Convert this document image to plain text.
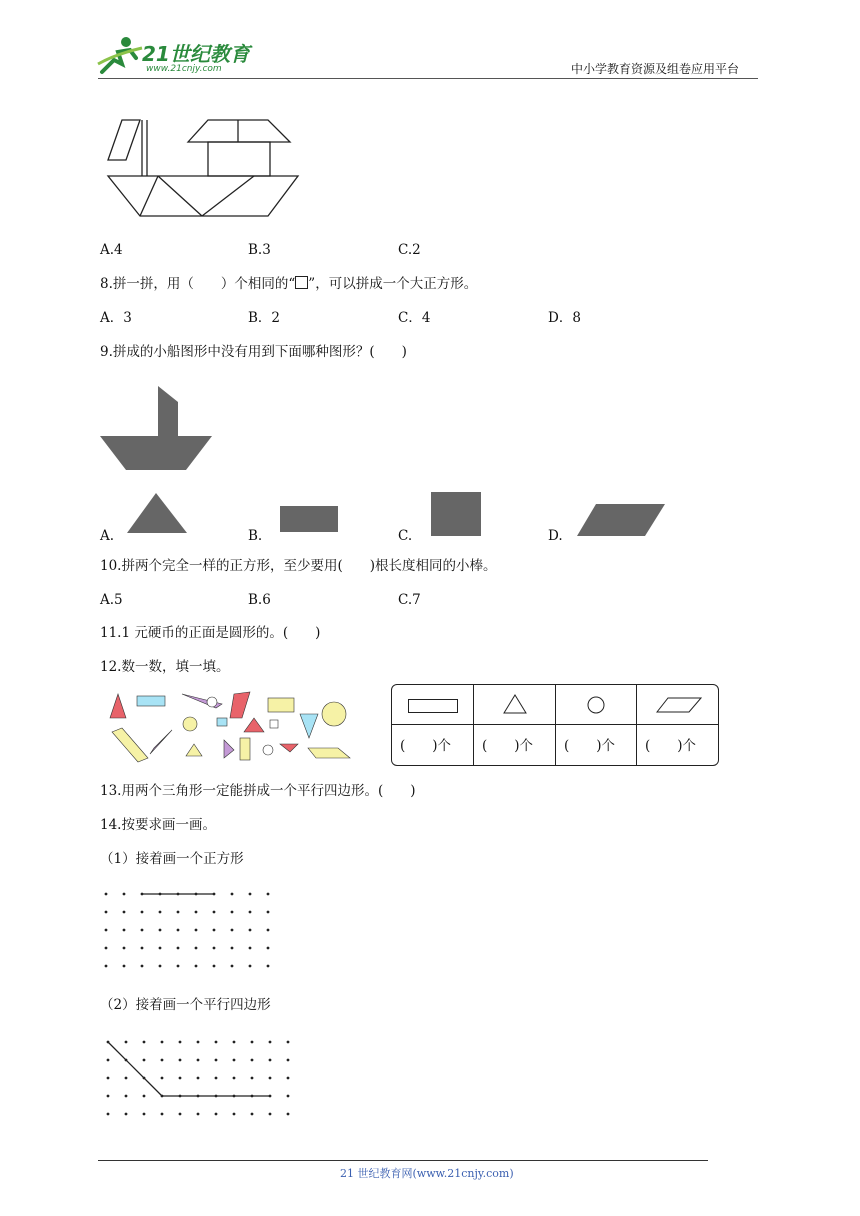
21世纪教育
www.21cnjy.com	中小学教育资源及组卷应用平台
A.4	B.3	C.2
8.拼一拼，用（　　）个相同的“ ”，可以拼成一个大正方形。
A．3	B．2	C．4	D．8
9.拼成的小船图形中没有用到下面哪种图形？(　　)
A.	B.	C.	D.
10.拼两个完全一样的正方形，至少要用(　　)根长度相同的小棒。
A.5	B.6	C.7
11.1 元硬币的正面是圆形的。(　　)
12.数一数，填一填。
(　　)个 (　　)个 (　　)个 (　　)个
13.用两个三角形一定能拼成一个平行四边形。(　　)
14.按要求画一画。
（1）接着画一个正方形
（2）接着画一个平行四边形
21 世纪教育网(www.21cnjy.com)
